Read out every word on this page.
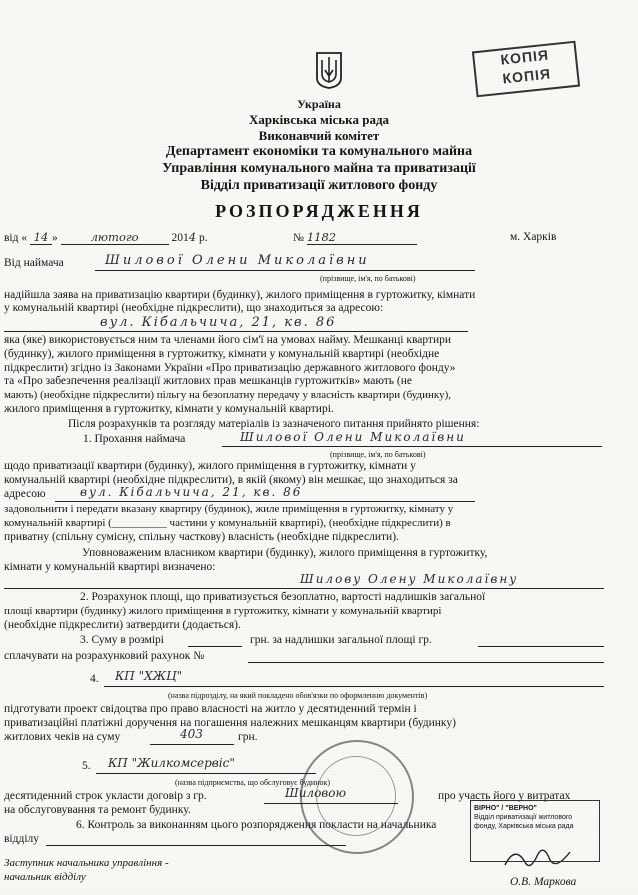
КОПІЯ
КОПІЯ
Україна
Харківська міська рада
Виконавчий комітет
Департамент економіки та комунального майна
Управління комунального майна та приватизації
Відділ приватизації житлового фонду
РОЗПОРЯДЖЕННЯ
від « 14 »	лютого	2014 р.	№ 1182	м. Харків
Від наймача	Шилової Олени Миколаївни
(прізвище, ім'я, по батькові)
надійшла заява на приватизацію квартири (будинку), жилого приміщення в гуртожитку, кімнати
у комунальній квартирі (необхідне підкреслити), що знаходиться за адресою:
вул. Кібальчича, 21, кв. 86
яка (яке) використовується ним та членами його сім'ї на умовах найму. Мешканці квартири
(будинку), жилого приміщення в гуртожитку, кімнати у комунальній квартирі (необхідне
підкреслити) згідно із Законами України «Про приватизацію державного житлового фонду»
та «Про забезпечення реалізації житлових прав мешканців гуртожитків» мають (не
мають) (необхідне підкреслити) пільгу на безоплатну передачу у власність квартири (будинку),
жилого приміщення в гуртожитку, кімнати у комунальній квартирі.
Після розрахунків та розгляду матеріалів із зазначеного питання прийнято рішення:
1. Прохання наймача	Шилової Олени Миколаївни
(прізвище, ім'я, по батькові)
щодо приватизації квартири (будинку), жилого приміщення в гуртожитку, кімнати у
комунальній квартирі (необхідне підкреслити), в якій (якому) він мешкає, що знаходиться за
адресою	вул. Кібальчича, 21, кв. 86
задовольнити і передати вказану квартиру (будинок), жиле приміщення в гуртожитку, кімнату у
комунальній квартирі (__________ частини у комунальній квартирі), (необхідне підкреслити) в
приватну (спільну сумісну, спільну часткову) власність (необхідне підкреслити).
Уповноваженим власником квартири (будинку), жилого приміщення в гуртожитку,
кімнати у комунальній квартирі визначено:
Шилову Олену Миколаївну
2. Розрахунок площі, що приватизується безоплатно, вартості надлишків загальної
площі квартири (будинку) жилого приміщення в гуртожитку, кімнати у комунальній квартирі
(необхідне підкреслити) затвердити (додається).
3. Суму в розмірі	грн. за надлишки загальної площі гр.
сплачувати на розрахунковий рахунок №
4. КП "ХЖЦ"
(назва підрозділу, на який покладено обов'язки по оформленню документів)
підготувати проект свідоцтва про право власності на житло у десятиденний термін і
приватизаційні платіжні доручення на погашення належних мешканцям квартири (будинку)
житлових чеків на суму	403	грн.
5. КП "Жилкомсервіс"
(назва підприємства, що обслуговує будинок)
десятиденний строк укласти договір з гр.	Шиловою	про участь його у витратах
на обслуговування та ремонт будинку.
6. Контроль за виконанням цього розпорядження покласти на начальника
відділу
Заступник начальника управління -
начальник відділу	О.В. Маркова
ВІРНО" / "ВЕРНО"
Відділ приватизації житлового фонду, Харківська міська рада
